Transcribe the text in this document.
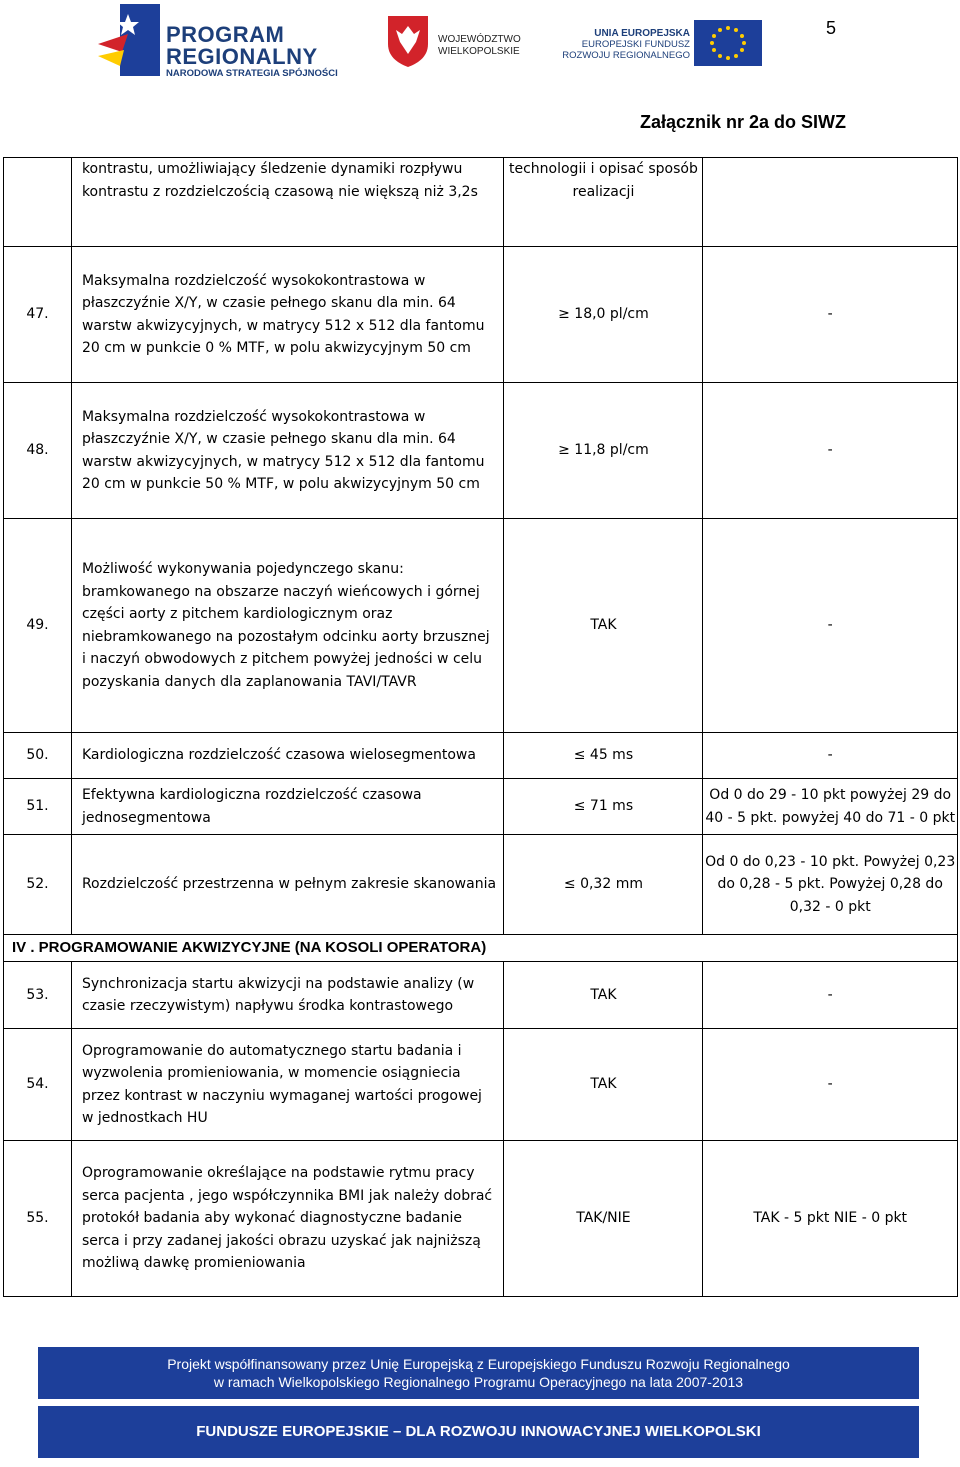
PROGRAM
REGIONALNY
NARODOWA STRATEGIA SPÓJNOŚCI
WOJEWÓDZTWO
WIELKOPOLSKIE
UNIA EUROPEJSKA
EUROPEJSKI FUNDUSZ
ROZWOJU REGIONALNEGO
5
Załącznik nr 2a do SIWZ
	kontrastu, umożliwiający śledzenie dynamiki rozpływu kontrastu z rozdzielczością czasową nie większą niż 3,2s	technologii i opisać sposób realizacji	
47.	Maksymalna rozdzielczość wysokokontrastowa w płaszczyźnie X/Y, w czasie pełnego skanu dla min. 64 warstw akwizycyjnych, w matrycy 512 x 512 dla fantomu 20 cm w punkcie 0 % MTF, w polu akwizycyjnym 50 cm	≥ 18,0 pl/cm	-
48.	Maksymalna rozdzielczość wysokokontrastowa w płaszczyźnie X/Y, w czasie pełnego skanu dla min. 64 warstw akwizycyjnych, w matrycy 512 x 512 dla fantomu 20 cm w punkcie 50 % MTF, w polu akwizycyjnym 50 cm	≥ 11,8 pl/cm	-
49.	Możliwość wykonywania pojedynczego skanu: bramkowanego na obszarze naczyń wieńcowych i górnej części aorty z pitchem kardiologicznym oraz niebramkowanego na pozostałym odcinku aorty brzusznej i naczyń obwodowych z pitchem powyżej jedności w celu pozyskania danych dla zaplanowania TAVI/TAVR	TAK	-
50.	Kardiologiczna rozdzielczość czasowa wielosegmentowa	≤ 45 ms	-
51.	Efektywna kardiologiczna rozdzielczość czasowa jednosegmentowa	≤ 71 ms	Od 0 do 29 - 10 pkt powyżej 29 do 40 - 5 pkt. powyżej 40 do 71 - 0 pkt
52.	Rozdzielczość przestrzenna w pełnym zakresie skanowania	≤ 0,32 mm	Od 0 do 0,23 - 10 pkt. Powyżej 0,23 do 0,28 - 5 pkt. Powyżej 0,28 do 0,32 - 0 pkt
IV . PROGRAMOWANIE AKWIZYCYJNE (NA KOSOLI OPERATORA)			
53.	Synchronizacja startu akwizycji na podstawie analizy (w czasie rzeczywistym) napływu środka kontrastowego	TAK	-
54.	Oprogramowanie do automatycznego startu badania i wyzwolenia promieniowania, w momencie osiągniecia przez kontrast w naczyniu wymaganej wartości progowej w jednostkach HU	TAK	-
55.	Oprogramowanie określające na podstawie rytmu pracy serca pacjenta , jego współczynnika BMI jak należy dobrać protokół badania aby wykonać diagnostyczne badanie serca i przy zadanej jakości obrazu uzyskać jak najniższą możliwą dawkę promieniowania	TAK/NIE	TAK - 5 pkt NIE - 0 pkt
Projekt współfinansowany przez Unię Europejską z Europejskiego Funduszu Rozwoju Regionalnego
w ramach Wielkopolskiego Regionalnego Programu Operacyjnego na lata 2007-2013
FUNDUSZE EUROPEJSKIE – DLA ROZWOJU INNOWACYJNEJ WIELKOPOLSKI
